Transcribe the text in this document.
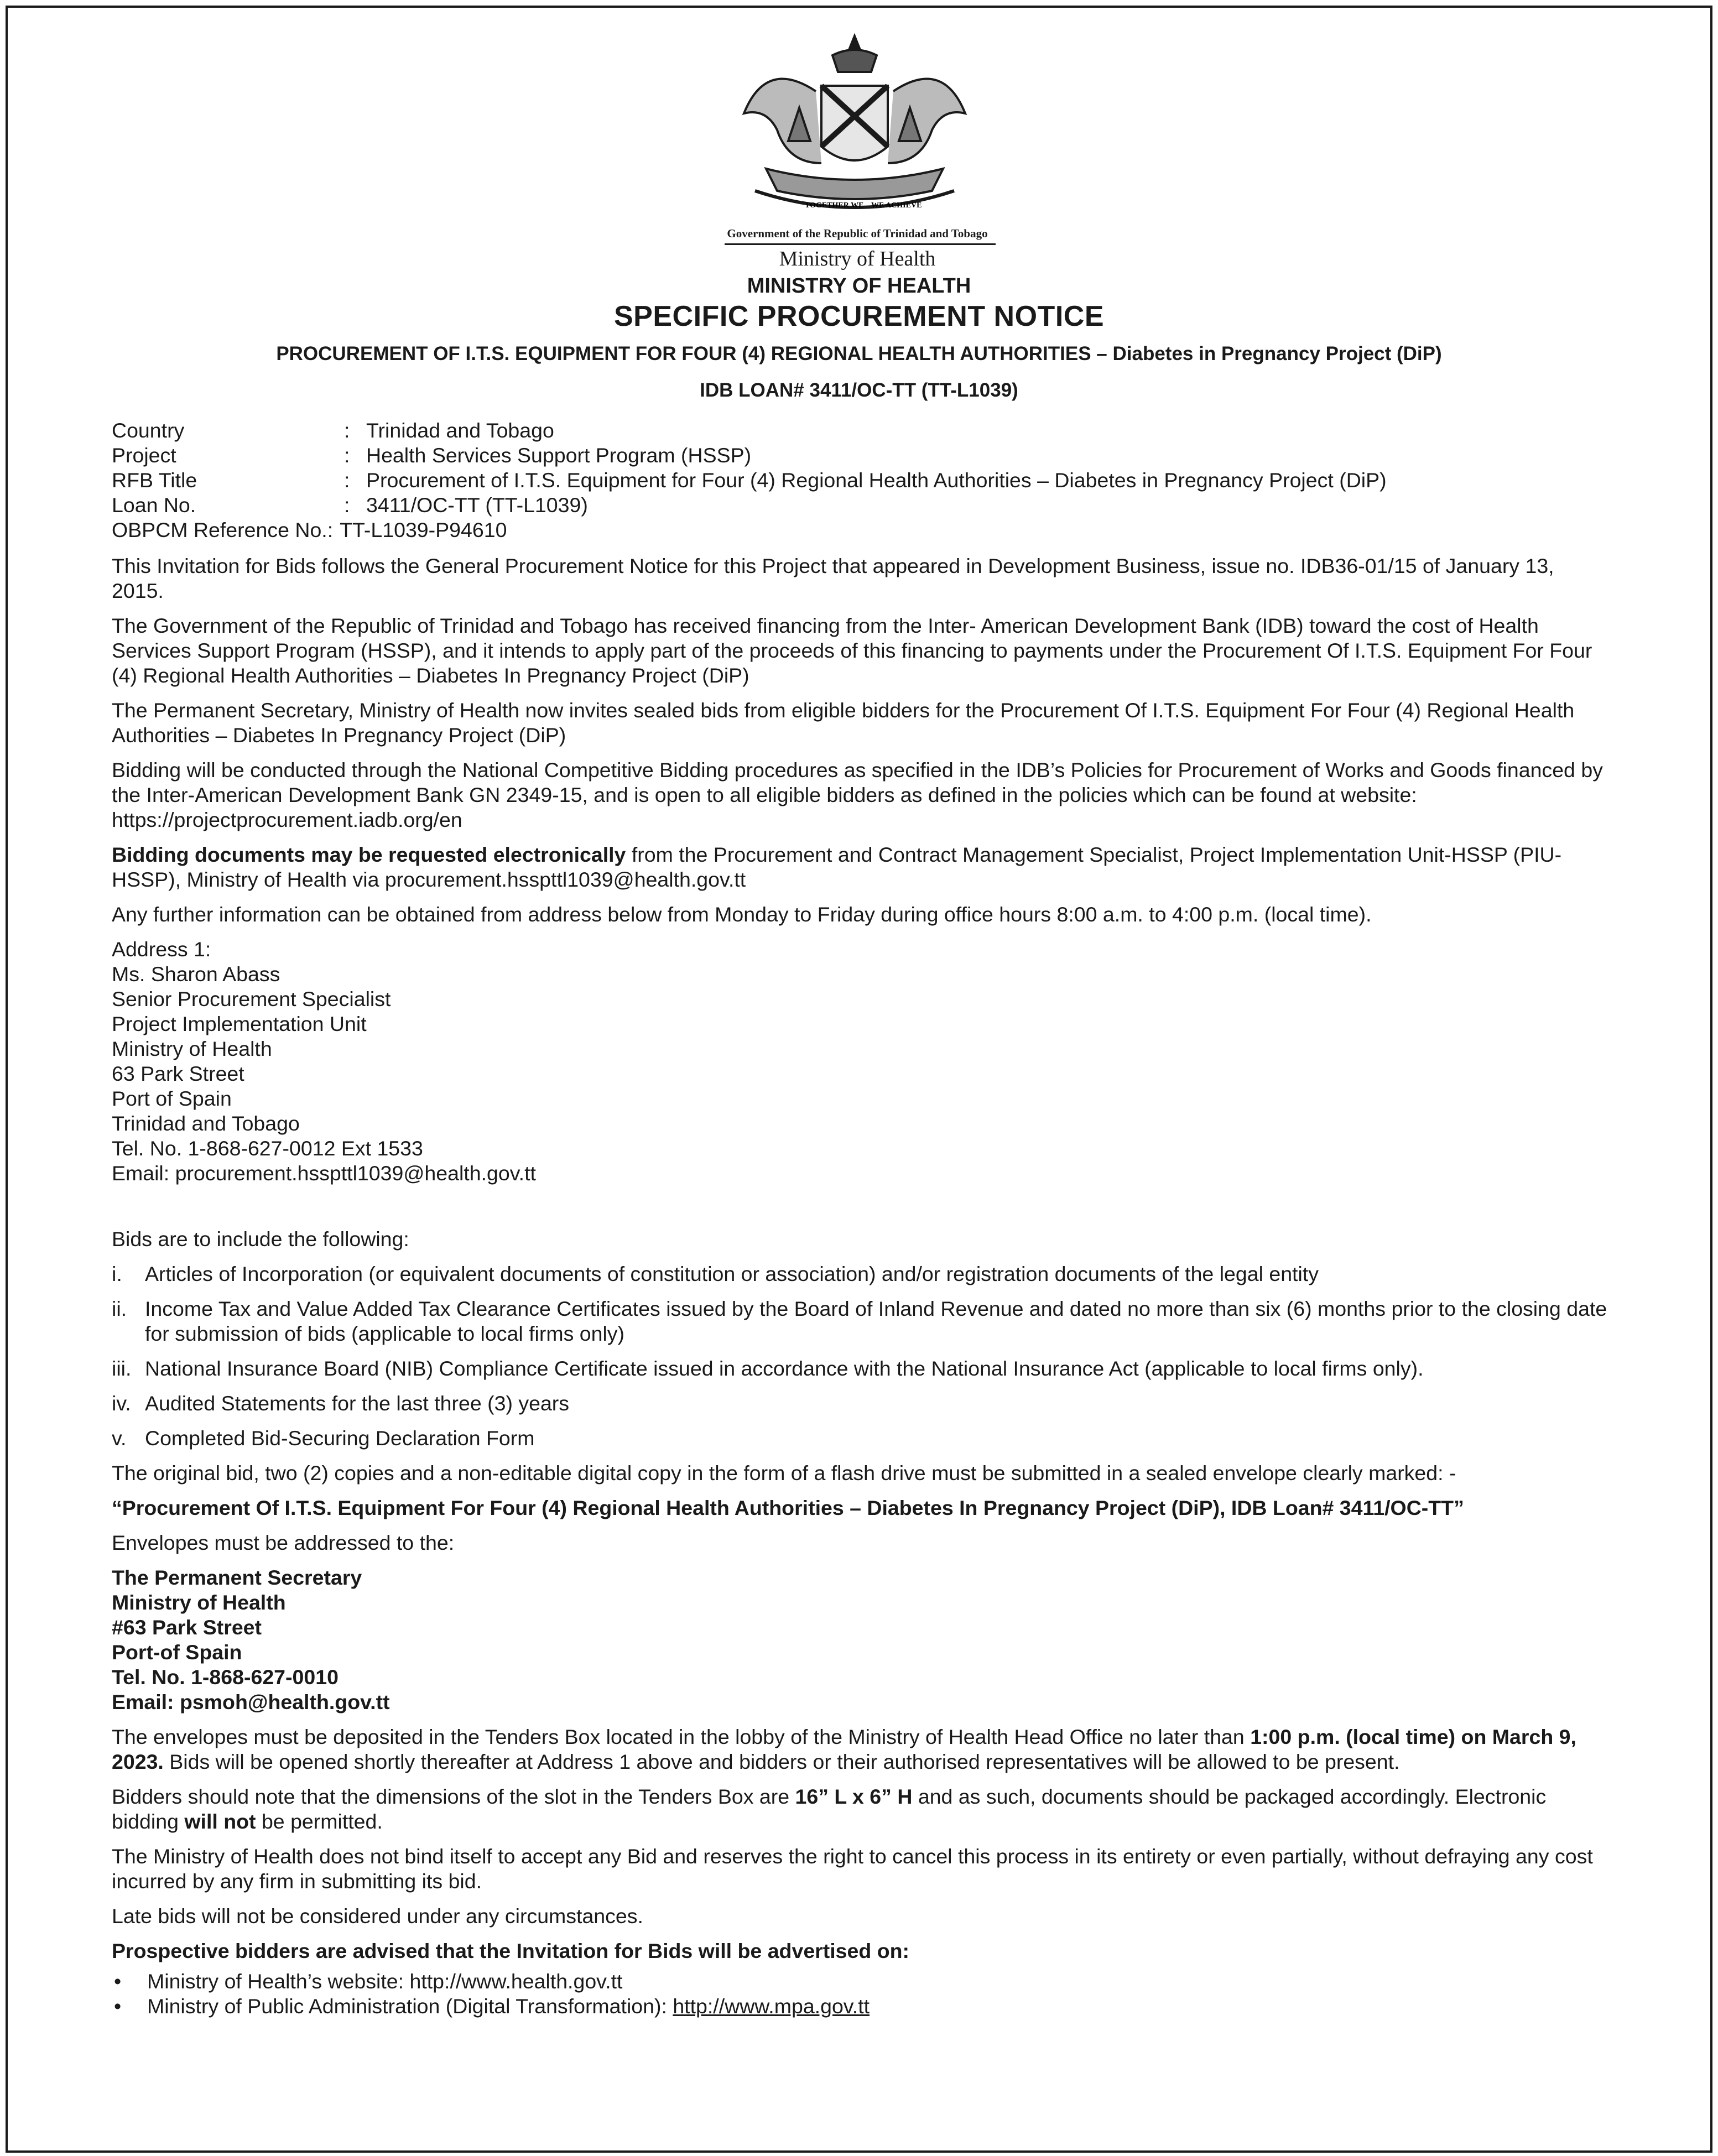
TOGETHER WE WE ACHIEVE
Government of the Republic of Trinidad and Tobago
Ministry of Health
MINISTRY OF HEALTH
SPECIFIC PROCUREMENT NOTICE
PROCUREMENT OF I.T.S. EQUIPMENT FOR FOUR (4) REGIONAL HEALTH AUTHORITIES – Diabetes in Pregnancy Project (DiP)
IDB LOAN# 3411/OC-TT (TT-L1039)
Country	: Trinidad and Tobago
Project	: Health Services Support Program (HSSP)
RFB Title	: Procurement of I.T.S. Equipment for Four (4) Regional Health Authorities – Diabetes in Pregnancy Project (DiP)
Loan No.	: 3411/OC-TT (TT-L1039)
OBPCM Reference No.: TT-L1039-P94610

This Invitation for Bids follows the General Procurement Notice for this Project that appeared in Development Business, issue no. IDB36-01/15 of January 13, 2015.

The Government of the Republic of Trinidad and Tobago has received financing from the Inter- American Development Bank (IDB) toward the cost of Health Services Support Program (HSSP), and it intends to apply part of the proceeds of this financing to payments under the Procurement Of I.T.S. Equipment For Four (4) Regional Health Authorities – Diabetes In Pregnancy Project (DiP)

The Permanent Secretary, Ministry of Health now invites sealed bids from eligible bidders for the Procurement Of I.T.S. Equipment For Four (4) Regional Health Authorities – Diabetes In Pregnancy Project (DiP)

Bidding will be conducted through the National Competitive Bidding procedures as specified in the IDB’s Policies for Procurement of Works and Goods financed by the Inter-American Development Bank GN 2349-15, and is open to all eligible bidders as defined in the policies which can be found at website: https://projectprocurement.iadb.org/en

Bidding documents may be requested electronically from the Procurement and Contract Management Specialist, Project Implementation Unit-HSSP (PIU-HSSP), Ministry of Health via procurement.hsspttl1039@health.gov.tt

Any further information can be obtained from address below from Monday to Friday during office hours 8:00 a.m. to 4:00 p.m. (local time).

Address 1:
Ms. Sharon Abass
Senior Procurement Specialist
Project Implementation Unit
Ministry of Health
63 Park Street
Port of Spain
Trinidad and Tobago
Tel. No. 1-868-627-0012 Ext 1533
Email: procurement.hsspttl1039@health.gov.tt

Bids are to include the following:

i.	Articles of Incorporation (or equivalent documents of constitution or association) and/or registration documents of the legal entity
ii. Income Tax and Value Added Tax Clearance Certificates issued by the Board of Inland Revenue and dated no more than six (6) months prior to the closing date for submission of bids (applicable to local firms only)
iii. National Insurance Board (NIB) Compliance Certificate issued in accordance with the National Insurance Act (applicable to local firms only).
iv. Audited Statements for the last three (3) years
v. Completed Bid-Securing Declaration Form

The original bid, two (2) copies and a non-editable digital copy in the form of a flash drive must be submitted in a sealed envelope clearly marked: -

“Procurement Of I.T.S. Equipment For Four (4) Regional Health Authorities – Diabetes In Pregnancy Project (DiP), IDB Loan# 3411/OC-TT”

Envelopes must be addressed to the:

The Permanent Secretary
Ministry of Health
#63 Park Street
Port-of Spain
Tel. No. 1-868-627-0010
Email: psmoh@health.gov.tt

The envelopes must be deposited in the Tenders Box located in the lobby of the Ministry of Health Head Office no later than 1:00 p.m. (local time) on March 9, 2023. Bids will be opened shortly thereafter at Address 1 above and bidders or their authorised representatives will be allowed to be present.

Bidders should note that the dimensions of the slot in the Tenders Box are 16” L x 6” H and as such, documents should be packaged accordingly. Electronic bidding will not be permitted.

The Ministry of Health does not bind itself to accept any Bid and reserves the right to cancel this process in its entirety or even partially, without defraying any cost incurred by any firm in submitting its bid.

Late bids will not be considered under any circumstances.

Prospective bidders are advised that the Invitation for Bids will be advertised on:

•	Ministry of Health’s website: http://www.health.gov.tt
•	Ministry of Public Administration (Digital Transformation): http://www.mpa.gov.tt
